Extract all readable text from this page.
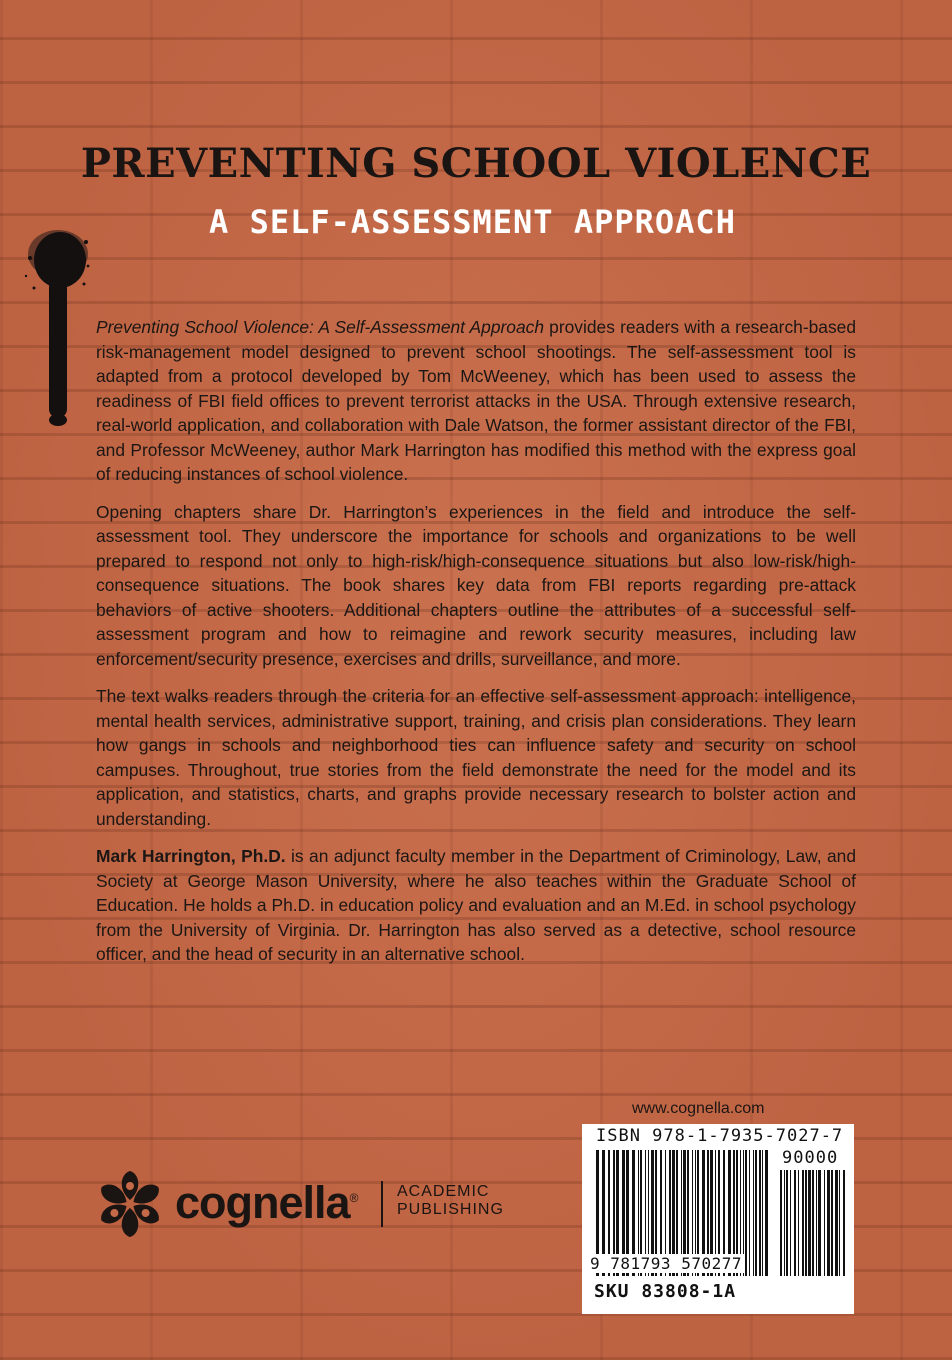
PREVENTING SCHOOL VIOLENCE
A SELF-ASSESSMENT APPROACH

Preventing School Violence: A Self-Assessment Approach provides readers with a research-based risk-management model designed to prevent school shootings. The self-assessment tool is adapted from a protocol developed by Tom McWeeney, which has been used to assess the readiness of FBI field offices to prevent terrorist attacks in the USA. Through extensive research, real-world application, and collaboration with Dale Watson, the former assistant director of the FBI, and Professor McWeeney, author Mark Harrington has modified this method with the express goal of reducing instances of school violence.

Opening chapters share Dr. Harrington’s experiences in the field and introduce the self-assessment tool. They underscore the importance for schools and organizations to be well prepared to respond not only to high-risk/high-consequence situations but also low-risk/high-consequence situations. The book shares key data from FBI reports regarding pre-attack behaviors of active shooters. Additional chapters outline the attributes of a successful self-assessment program and how to reimagine and rework security measures, including law enforcement/security presence, exercises and drills, surveillance, and more.

The text walks readers through the criteria for an effective self-assessment approach: intelligence, mental health services, administrative support, training, and crisis plan considerations. They learn how gangs in schools and neighborhood ties can influence safety and security on school campuses. Throughout, true stories from the field demonstrate the need for the model and its application, and statistics, charts, and graphs provide necessary research to bolster action and understanding.

Mark Harrington, Ph.D. is an adjunct faculty member in the Department of Criminology, Law, and Society at George Mason University, where he also teaches within the Graduate School of Education. He holds a Ph.D. in education policy and evaluation and an M.Ed. in school psychology from the University of Virginia. Dr. Harrington has also served as a detective, school resource officer, and the head of security in an alternative school.

www.cognella.com
ISBN 978-1-7935-7027-7
90000
9 781793 570277
SKU 83808-1A
cognella® ACADEMIC
PUBLISHING
